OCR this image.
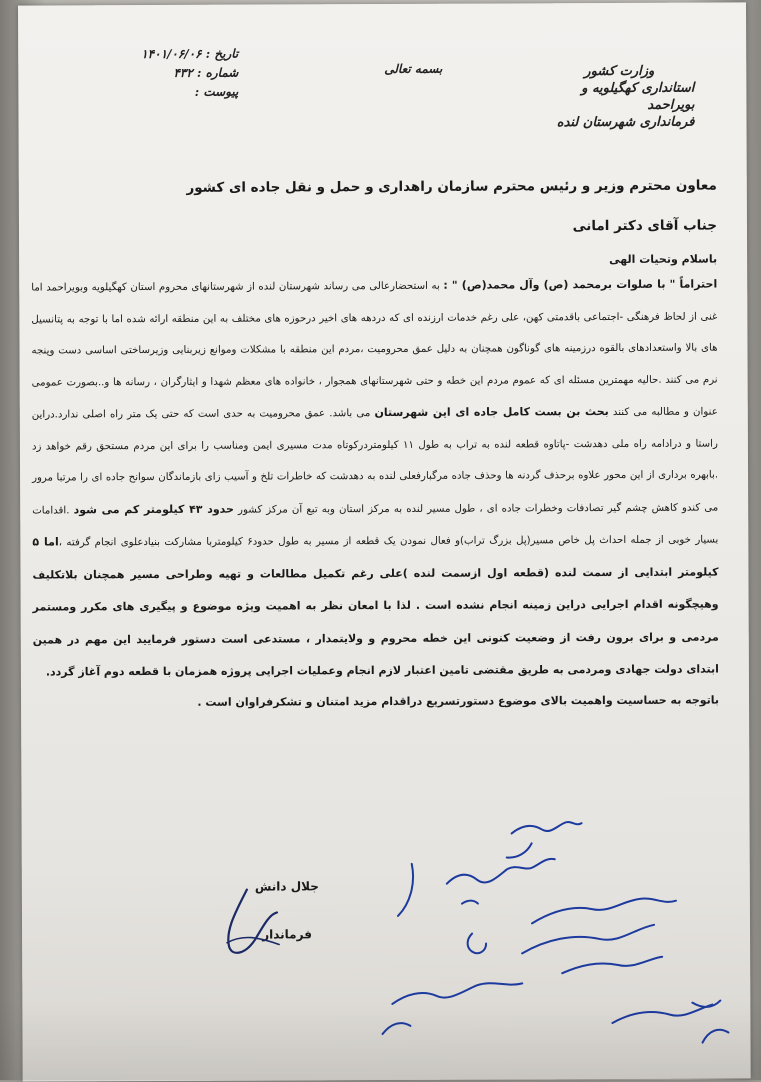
وزارت کشور
استانداری کهگیلویه و بویراحمد
فرمانداری شهرستان لنده
بسمه تعالی
تاریخ : ۱۴۰۱/۰۶/۰۶
شماره : ۴۳۲
پیوست :
معاون محترم وزیر و رئیس محترم سازمان راهداری و حمل و نقل جاده ای کشور
جناب آقای دکتر امانی
باسلام وتحیات الهی
احتراماً " با صلوات برمحمد (ص) وآل محمد(ص) " : به استحضارعالی می رساند شهرستان لنده از شهرستانهای محروم استان کهگیلویه وبویراحمد اما غنی از لحاظ فرهنگی -اجتماعی باقدمتی کهن، علی رغم خدمات ارزنده ای که دردهه های اخیر درحوزه های مختلف به این منطقه ارائه شده اما با توجه به پتانسیل های بالا واستعدادهای بالقوه درزمینه های گوناگون همچنان به دلیل عمق محرومیت ،مردم این منطقه با مشکلات وموانع زیربنایی وزیرساختی اساسی دست وپنجه نرم می کنند .حالیه مهمترین مسئله ای که عموم مردم این خطه و حتی شهرستانهای همجوار ، خانواده های معظم شهدا و ایثارگران ، رسانه ها و..بصورت عمومی عنوان و مطالبه می کنند بحث بن بست کامل جاده ای این شهرستان می باشد. عمق محرومیت به حدی است که حتی یک متر راه اصلی ندارد.دراین راستا و درادامه راه ملی دهدشت -پاتاوه قطعه لنده به تراب به طول ۱۱ کیلومتردرکوتاه مدت مسیری ایمن ومناسب را برای این مردم مستحق رقم خواهد زد .بابهره برداری از این محور علاوه برحذف گردنه ها وحذف جاده مرگبارفعلی لنده به دهدشت که خاطرات تلخ و آسیب زای بازماندگان سوانح جاده ای را مرتبا مرور می کندو کاهش چشم گیر تصادفات وخطرات جاده ای ، طول مسیر لنده به مرکز استان وبه تبع آن مرکز کشور حدود ۴۳ کیلومتر کم می شود .اقدامات بسیار خوبی از جمله احداث پل خاص مسیر(پل بزرگ تراب)و فعال نمودن یک قطعه از مسیر به طول حدود۶ کیلومتربا مشارکت بنیادعلوی انجام گرفته ،اما ۵ کیلومتر ابتدایی از سمت لنده (قطعه اول ازسمت لنده )علی رغم تکمیل مطالعات و تهیه وطراحی مسیر همچنان بلاتکلیف وهیچگونه اقدام اجرایی دراین زمینه انجام نشده است . لذا با امعان نظر به اهمیت ویژه موضوع و پیگیری های مکرر ومستمر مردمی و برای برون رفت از وضعیت کنونی این خطه محروم و ولایتمدار ، مستدعی است دستور فرمایید این مهم در همین ابتدای دولت جهادی ومردمی به طریق مقتضی تامین اعتبار لازم انجام وعملیات اجرایی پروژه همزمان با قطعه دوم آغاز گردد.
باتوجه به حساسیت واهمیت بالای موضوع دستورتسریع دراقدام مزید امتنان و تشکرفراوان است .
جلال دانش
فرماندار
